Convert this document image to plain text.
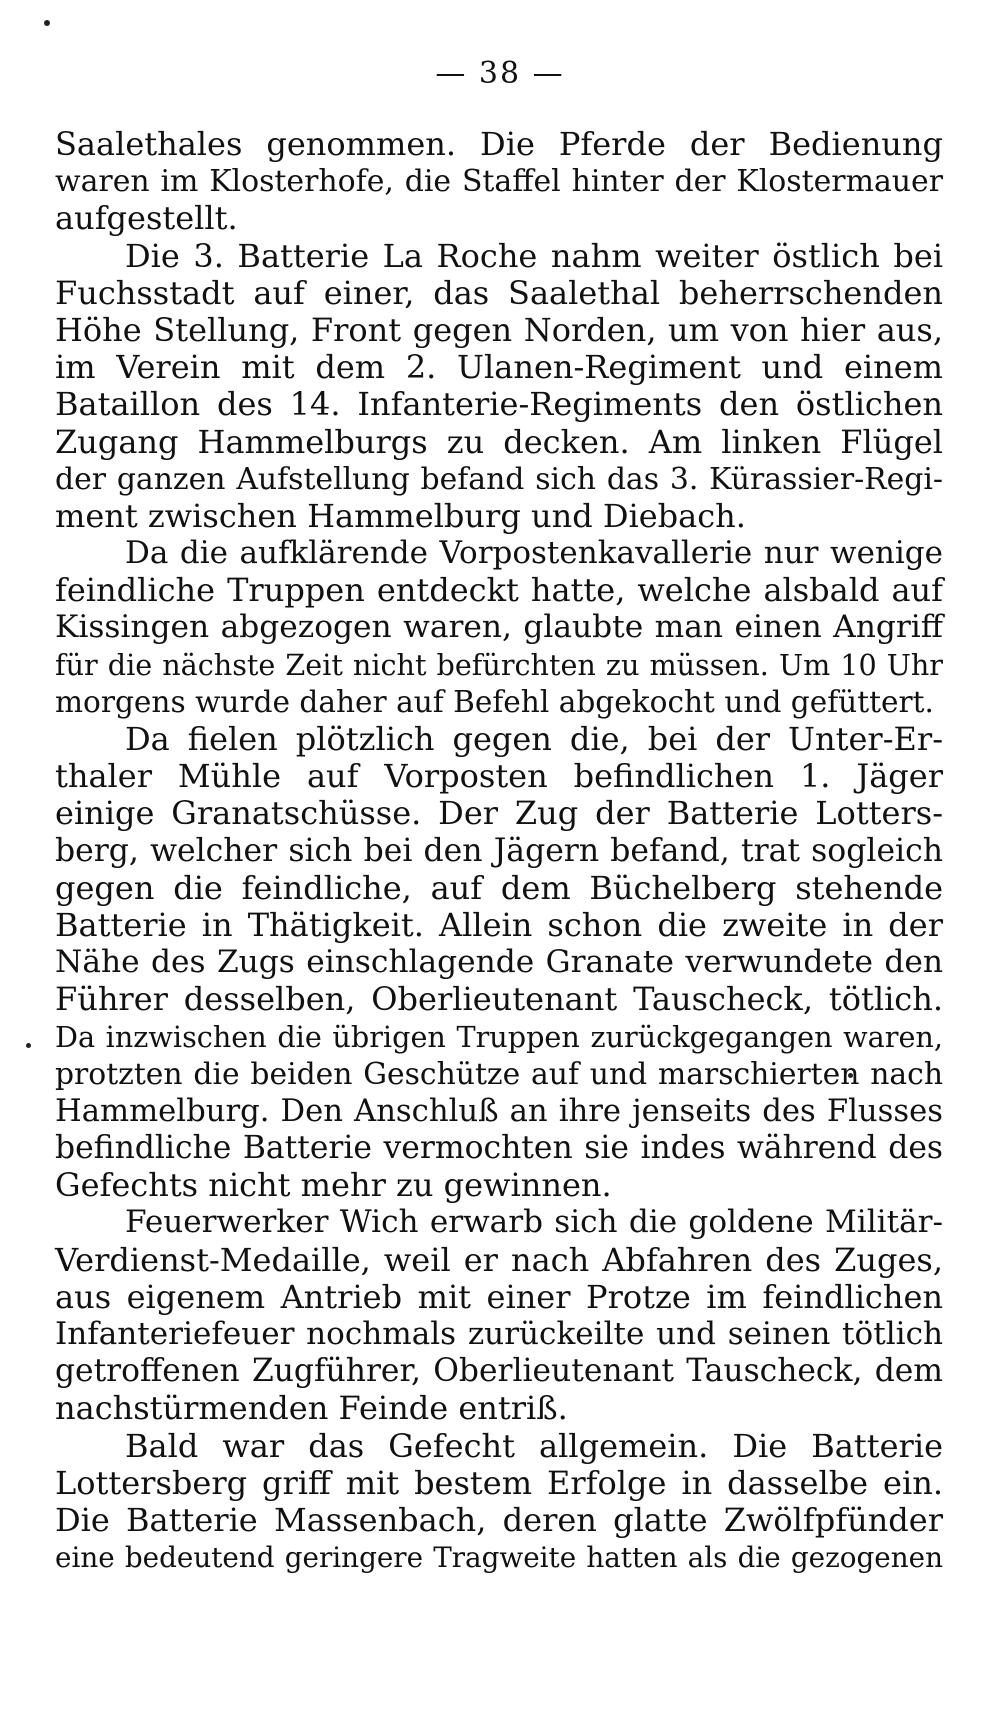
— 38 —
Saalethales genommen. Die Pferde der Bedienung
waren im Klosterhofe, die Staffel hinter der Klostermauer
aufgestellt.
Die 3. Batterie La Roche nahm weiter östlich bei
Fuchsstadt auf einer, das Saalethal beherrschenden
Höhe Stellung, Front gegen Norden, um von hier aus,
im Verein mit dem 2. Ulanen-Regiment und einem
Bataillon des 14. Infanterie-Regiments den östlichen
Zugang Hammelburgs zu decken. Am linken Flügel
der ganzen Aufstellung befand sich das 3. Kürassier-Regi-
ment zwischen Hammelburg und Diebach.
Da die aufklärende Vorpostenkavallerie nur wenige
feindliche Truppen entdeckt hatte, welche alsbald auf
Kissingen abgezogen waren, glaubte man einen Angriff
für die nächste Zeit nicht befürchten zu müssen. Um 10 Uhr
morgens wurde daher auf Befehl abgekocht und gefüttert.
Da fielen plötzlich gegen die, bei der Unter-Er-
thaler Mühle auf Vorposten befindlichen 1. Jäger
einige Granatschüsse. Der Zug der Batterie Lotters-
berg, welcher sich bei den Jägern befand, trat sogleich
gegen die feindliche, auf dem Büchelberg stehende
Batterie in Thätigkeit. Allein schon die zweite in der
Nähe des Zugs einschlagende Granate verwundete den
Führer desselben, Oberlieutenant Tauscheck, tötlich.
Da inzwischen die übrigen Truppen zurückgegangen waren,
protzten die beiden Geschütze auf und marschierten nach
Hammelburg. Den Anschluß an ihre jenseits des Flusses
befindliche Batterie vermochten sie indes während des
Gefechts nicht mehr zu gewinnen.
Feuerwerker Wich erwarb sich die goldene Militär-
Verdienst-Medaille, weil er nach Abfahren des Zuges,
aus eigenem Antrieb mit einer Protze im feindlichen
Infanteriefeuer nochmals zurückeilte und seinen tötlich
getroffenen Zugführer, Oberlieutenant Tauscheck, dem
nachstürmenden Feinde entriß.
Bald war das Gefecht allgemein. Die Batterie
Lottersberg griff mit bestem Erfolge in dasselbe ein.
Die Batterie Massenbach, deren glatte Zwölfpfünder
eine bedeutend geringere Tragweite hatten als die gezogenen
